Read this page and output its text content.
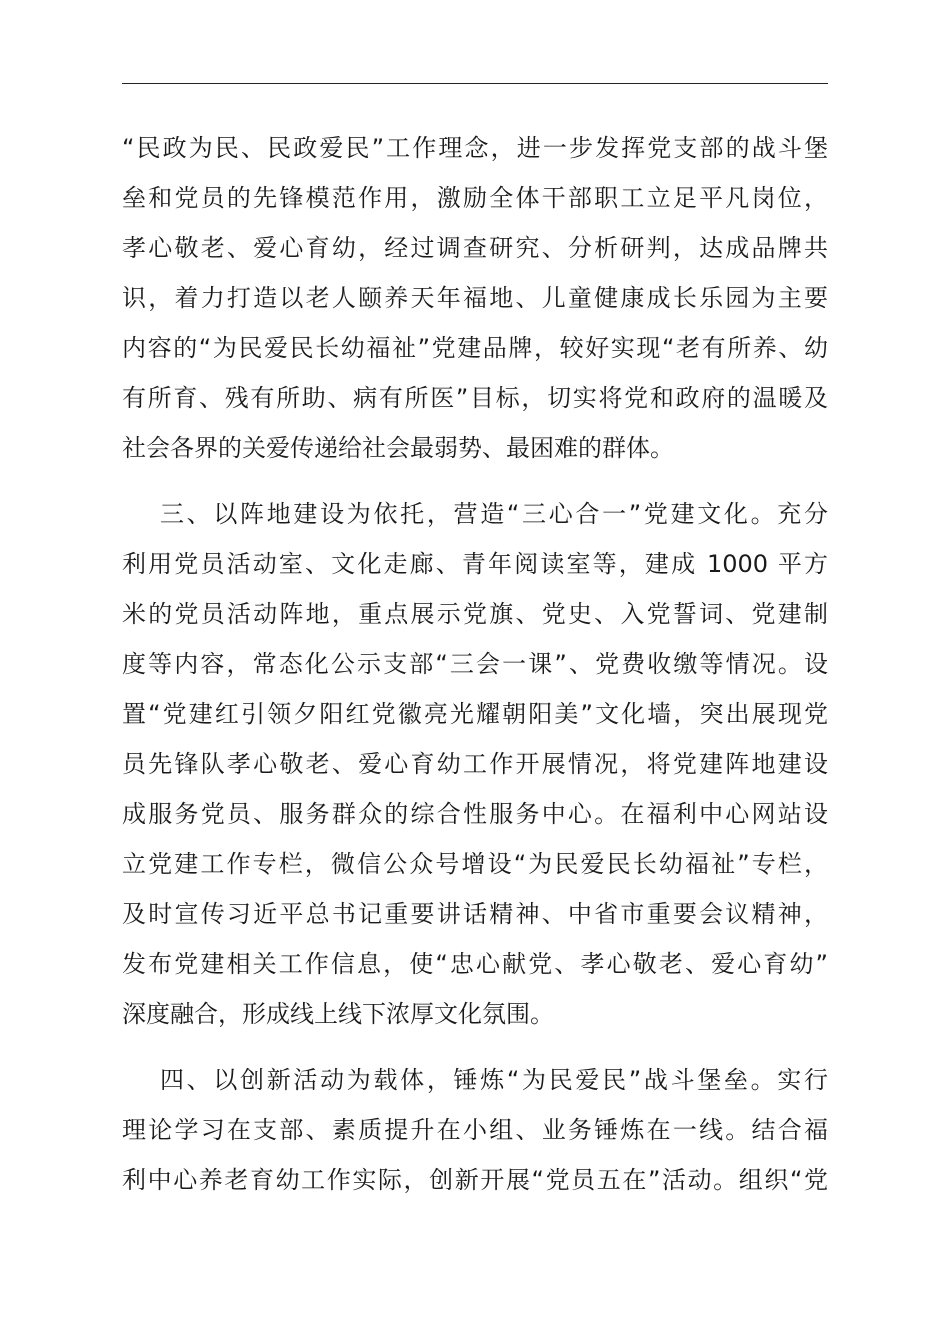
“民政为民、民政爱民”工作理念，进一步发挥党支部的战斗堡
垒和党员的先锋模范作用，激励全体干部职工立足平凡岗位，
孝心敬老、爱心育幼，经过调查研究、分析研判，达成品牌共
识，着力打造以老人颐养天年福地、儿童健康成长乐园为主要
内容的“为民爱民长幼福祉”党建品牌，较好实现“老有所养、幼
有所育、残有所助、病有所医”目标，切实将党和政府的温暖及
社会各界的关爱传递给社会最弱势、最困难的群体。
三、以阵地建设为依托，营造“三心合一”党建文化。充分
利用党员活动室、文化走廊、青年阅读室等，建成 1000 平方
米的党员活动阵地，重点展示党旗、党史、入党誓词、党建制
度等内容，常态化公示支部“三会一课”、党费收缴等情况。设
置“党建红引领夕阳红党徽亮光耀朝阳美”文化墙，突出展现党
员先锋队孝心敬老、爱心育幼工作开展情况，将党建阵地建设
成服务党员、服务群众的综合性服务中心。在福利中心网站设
立党建工作专栏，微信公众号增设“为民爱民长幼福祉”专栏，
及时宣传习近平总书记重要讲话精神、中省市重要会议精神，
发布党建相关工作信息，使“忠心献党、孝心敬老、爱心育幼”
深度融合，形成线上线下浓厚文化氛围。
四、以创新活动为载体，锤炼“为民爱民”战斗堡垒。实行
理论学习在支部、素质提升在小组、业务锤炼在一线。结合福
利中心养老育幼工作实际，创新开展“党员五在”活动。组织“党
